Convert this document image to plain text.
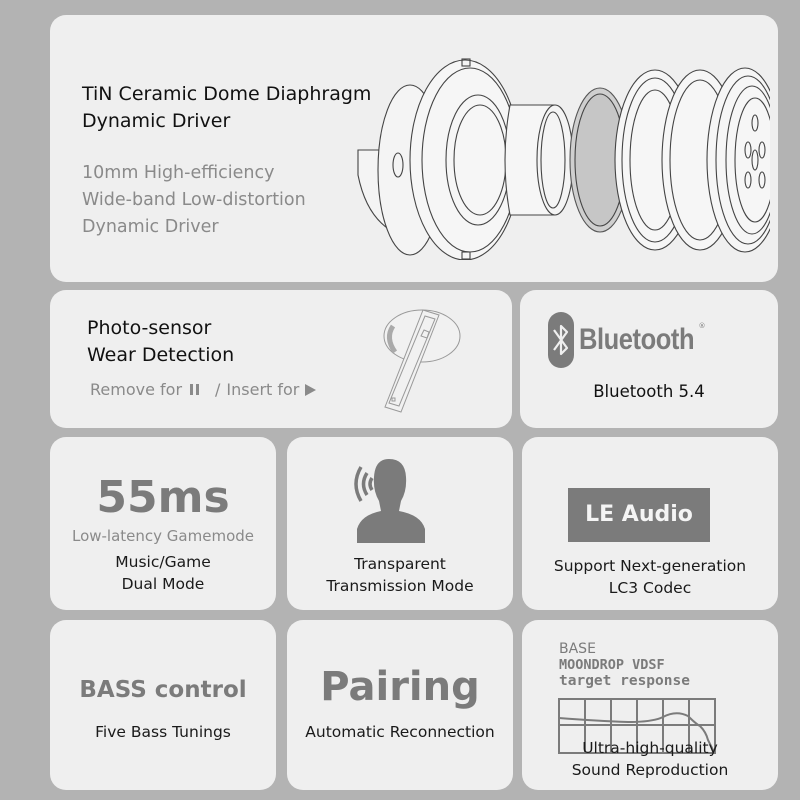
TiN Ceramic Dome Diaphragm
Dynamic Driver
10mm High-efficiency
Wide-band Low-distortion
Dynamic Driver
Photo-sensor
Wear Detection
Remove for / Insert for
Bluetooth ®
Bluetooth 5.4
55ms
Low-latency Gamemode
Music/Game
Dual Mode
Transparent
Transmission Mode
LE Audio
Support Next-generation
LC3 Codec
BASS control
Five Bass Tunings
Pairing
Automatic Reconnection
BASE
MOONDROP VDSF
target response
Ultra-high-quality
Sound Reproduction
